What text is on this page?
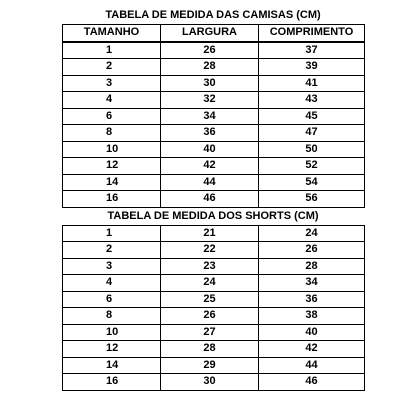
TABELA DE MEDIDA DAS CAMISAS (CM)
TAMANHO	LARGURA	COMPRIMENTO
1	26	37
2	28	39
3	30	41
4	32	43
6	34	45
8	36	47
10	40	50
12	42	52
14	44	54
16	46	56
TABELA DE MEDIDA DOS SHORTS (CM)
1	21	24
2	22	26
3	23	28
4	24	34
6	25	36
8	26	38
10	27	40
12	28	42
14	29	44
16	30	46
